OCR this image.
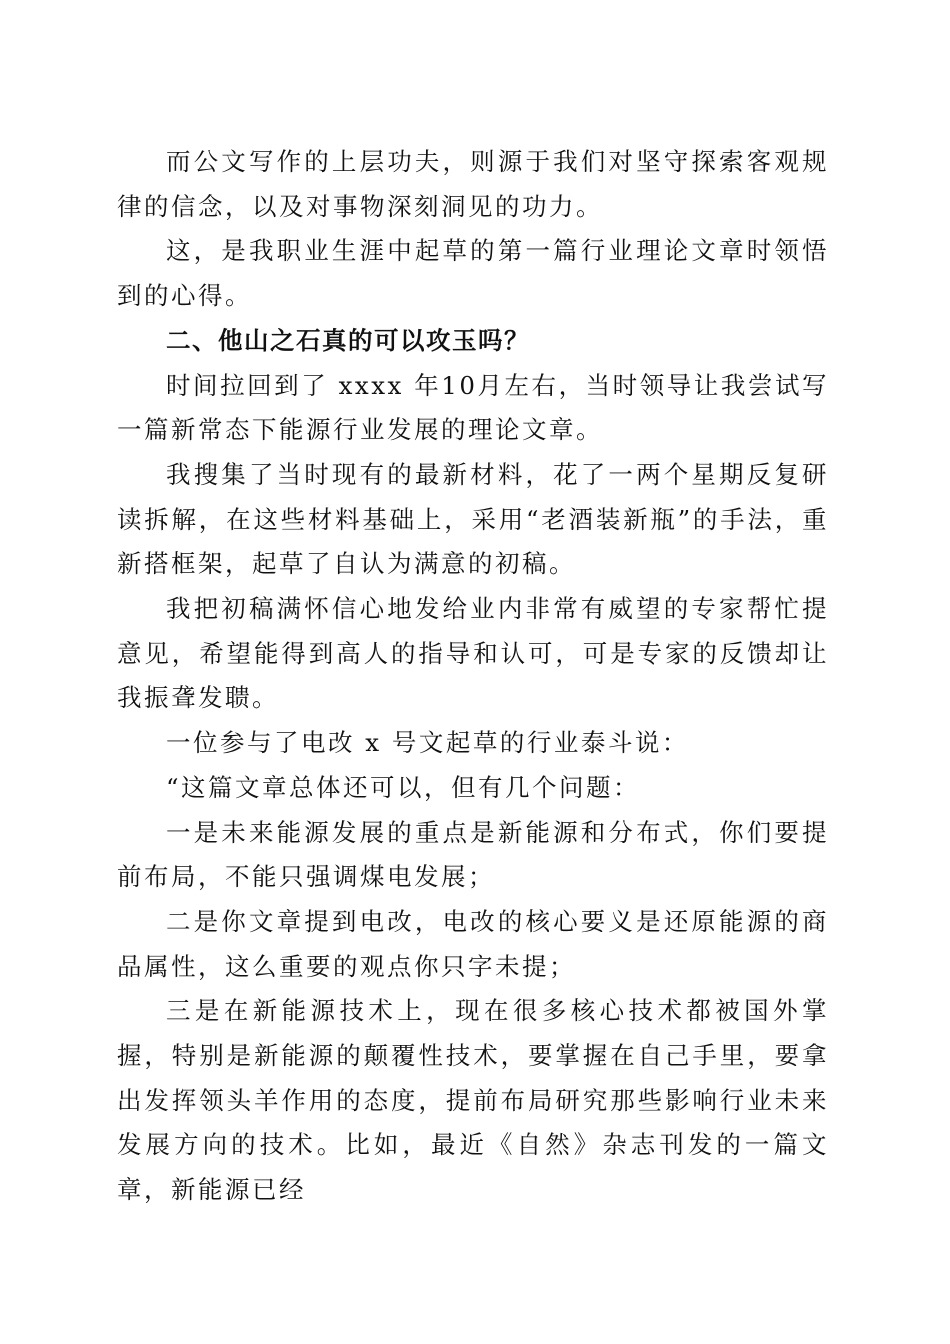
而公文写作的上层功夫，则源于我们对坚守探索客观规律的信念，以及对事物深刻洞见的功力。

这，是我职业生涯中起草的第一篇行业理论文章时领悟到的心得。

二、他山之石真的可以攻玉吗？

时间拉回到了 xxxx 年10月左右，当时领导让我尝试写一篇新常态下能源行业发展的理论文章。

我搜集了当时现有的最新材料，花了一两个星期反复研读拆解，在这些材料基础上，采用“老酒装新瓶”的手法，重新搭框架，起草了自认为满意的初稿。

我把初稿满怀信心地发给业内非常有威望的专家帮忙提意见，希望能得到高人的指导和认可，可是专家的反馈却让我振聋发聩。

一位参与了电改 x 号文起草的行业泰斗说：

“这篇文章总体还可以，但有几个问题：

一是未来能源发展的重点是新能源和分布式，你们要提前布局，不能只强调煤电发展；

二是你文章提到电改，电改的核心要义是还原能源的商品属性，这么重要的观点你只字未提；

三是在新能源技术上，现在很多核心技术都被国外掌握，特别是新能源的颠覆性技术，要掌握在自己手里，要拿出发挥领头羊作用的态度，提前布局研究那些影响行业未来发展方向的技术。比如，最近《自然》杂志刊发的一篇文章，新能源已经
